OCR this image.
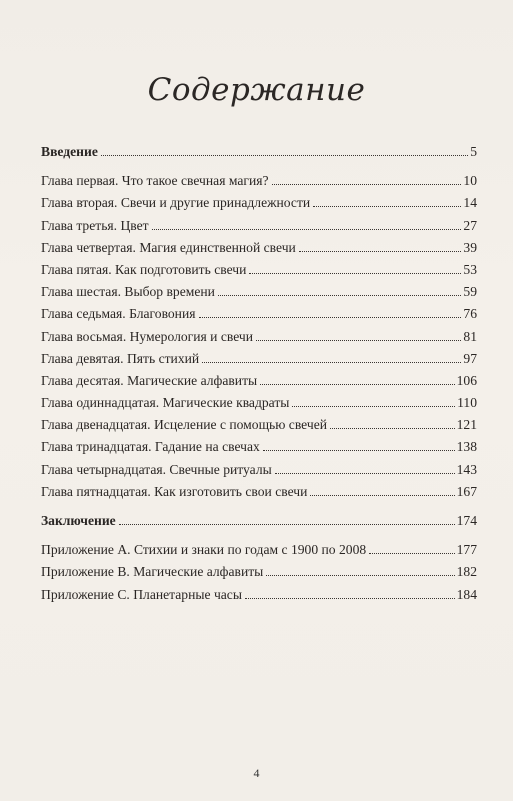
Содержание
Введение	5
Глава первая. Что такое свечная магия?	10
Глава вторая. Свечи и другие принадлежности	14
Глава третья. Цвет	27
Глава четвертая. Магия единственной свечи	39
Глава пятая. Как подготовить свечи	53
Глава шестая. Выбор времени	59
Глава седьмая. Благовония	76
Глава восьмая. Нумерология и свечи	81
Глава девятая. Пять стихий	97
Глава десятая. Магические алфавиты	106
Глава одиннадцатая. Магические квадраты	110
Глава двенадцатая. Исцеление с помощью свечей	121
Глава тринадцатая. Гадание на свечах	138
Глава четырнадцатая. Свечные ритуалы	143
Глава пятнадцатая. Как изготовить свои свечи	167
Заключение	174
Приложение А. Стихии и знаки по годам с 1900 по 2008	177
Приложение В. Магические алфавиты	182
Приложение С. Планетарные часы	184
4
